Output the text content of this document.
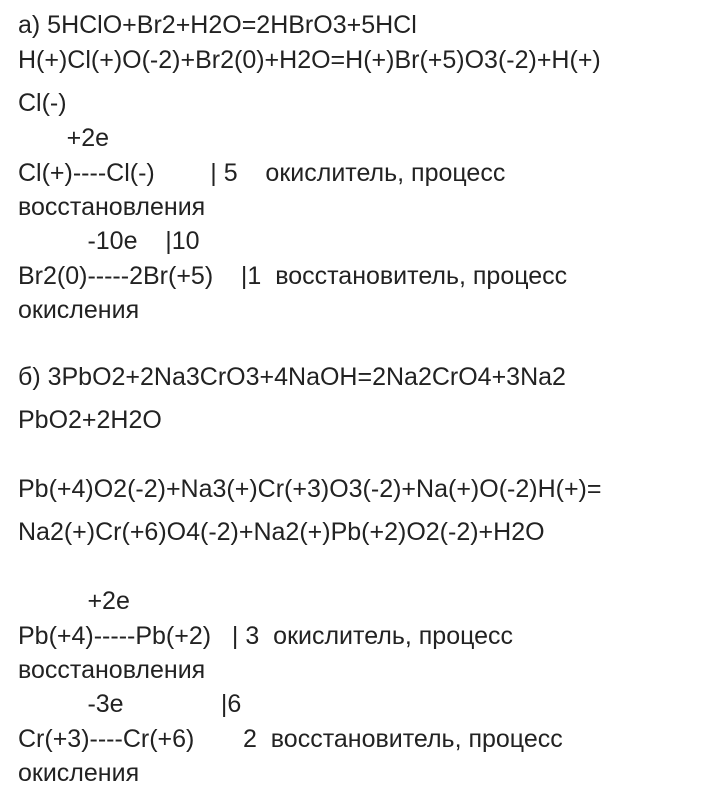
а) 5HClO+Br2+H2O=2HBrO3+5HCl
H(+)Cl(+)O(-2)+Br2(0)+H2O=H(+)Br(+5)O3(-2)+H(+)
Cl(-)
+2e
Cl(+)----Cl(-)        | 5    окислитель, процесс
восстановления
-10e    |10
Br2(0)-----2Br(+5)    |1  восстановитель, процесс
окисления
б) 3PbO2+2Na3CrO3+4NaOH=2Na2CrO4+3Na2
PbO2+2H2O
Pb(+4)O2(-2)+Na3(+)Cr(+3)O3(-2)+Na(+)O(-2)H(+)=
Na2(+)Cr(+6)O4(-2)+Na2(+)Pb(+2)O2(-2)+H2O
+2e
Pb(+4)-----Pb(+2)   | 3  окислитель, процесс
восстановления
-3e              |6
Cr(+3)----Cr(+6)       2  восстановитель, процесс
окисления
